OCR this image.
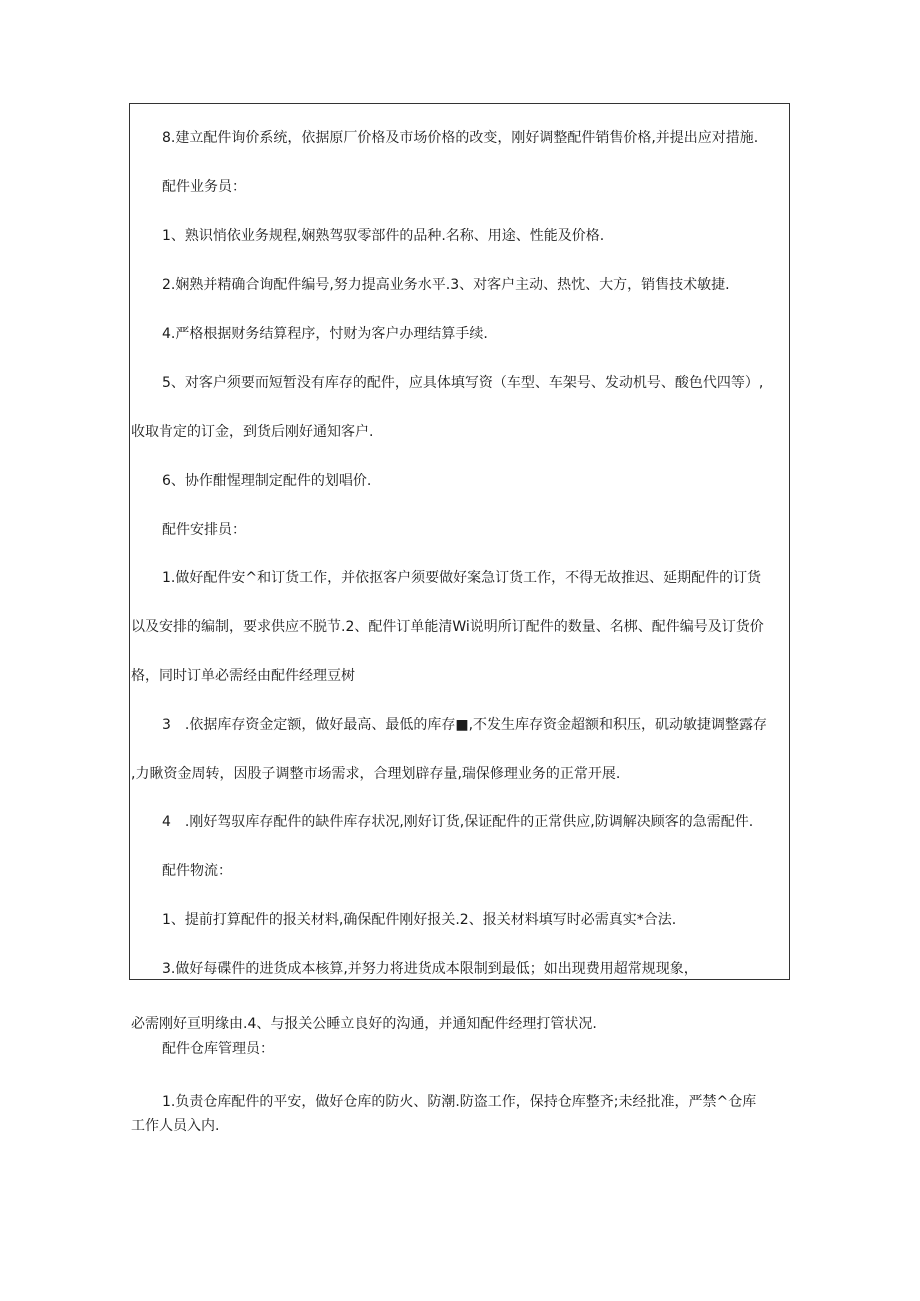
8.建立配件询价系统，依据原厂价格及市场价格的改变，刚好调整配件销售价格,并提出应对措施.
配件业务员：
1、熟识悄依业务规程,娴熟驾驭零部件的品种.名称、用途、性能及价格.
2.娴熟并精确合询配件编号,努力提高业务水平.3、对客户主动、热忱、大方，销售技术敏捷.
4.严格根据财务结算程序，忖财为客户办理结算手续.
5、对客户须要而短暂没有库存的配件，应具体填写资（车型、车架号、发动机号、酸色代四等）,
收取肯定的订金，到货后刚好通知客户.
6、协作酣惺理制定配件的划唱价.
配件安排员：
1.做好配件安^和订货工作，并依抠客户须要做好案急订货工作，不得无故推迟、延期配件的订货
以及安排的编制，要求供应不脱节.2、配件订单能清Wi说明所订配件的数量、名梆、配件编号及订货价
格，同时订单必需经由配件经理豆树
3　.依据库存资金定额，做好最高、最低的库存■,不发生库存资金超额和积压，矶动敏捷调整露存
,力瞅资金周转，因股子调整市场需求，合理划辟存量,瑞保修理业务的正常开展.
4　.刚好驾驭库存配件的缺件库存状况,刚好订货,保证配件的正常供应,防调解决顾客的急需配件.
配件物流：
1、提前打算配件的报关材料,确保配件刚好报关.2、报关材料填写时必需真实*合法.
3.做好每碟件的进货成本核算,并努力将进货成本限制到最低；如出现费用超常规现象，
必需刚好亘明缘由.4、与报关公睡立良好的沟通，并通知配件经理打管状况.
配件仓库管理员：
1.负责仓库配件的平安，做好仓库的防火、防潮.防盗工作，保持仓库整齐;未经批准，严禁^仓库
工作人员入内.
